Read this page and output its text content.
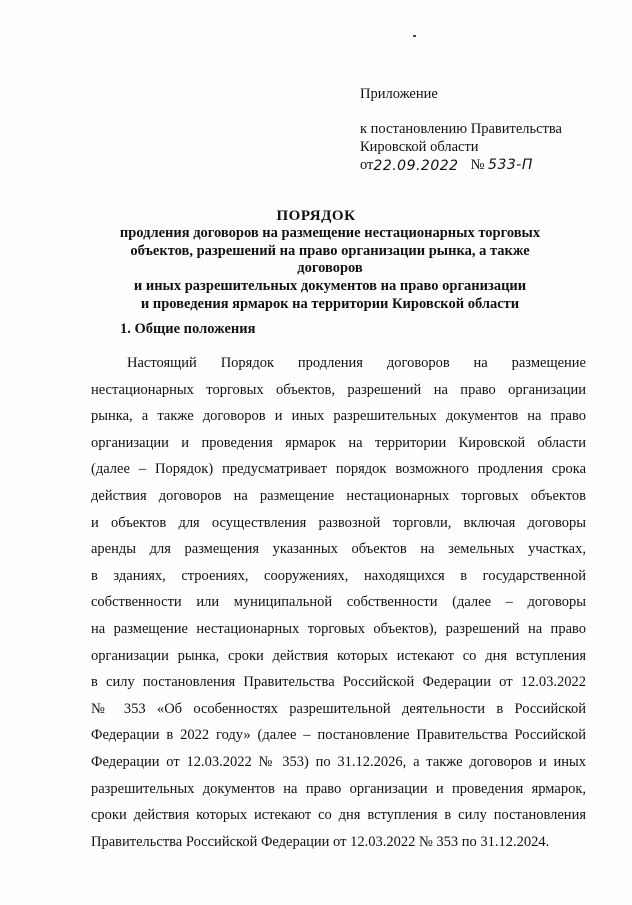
Приложение
к постановлению Правительства
Кировской области
от22.09.2022 № 533-П
ПОРЯДОК
продления договоров на размещение нестационарных торговых
объектов, разрешений на право организации рынка, а также договоров
и иных разрешительных документов на право организации
и проведения ярмарок на территории Кировской области
1. Общие положения
Настоящий Порядок продления договоров на размещение
нестационарных торговых объектов, разрешений на право организации
рынка, а также договоров и иных разрешительных документов на право
организации и проведения ярмарок на территории Кировской области
(далее – Порядок) предусматривает порядок возможного продления срока
действия договоров на размещение нестационарных торговых объектов
и объектов для осуществления развозной торговли, включая договоры
аренды для размещения указанных объектов на земельных участках,
в зданиях, строениях, сооружениях, находящихся в государственной
собственности или муниципальной собственности (далее – договоры
на размещение нестационарных торговых объектов), разрешений на право
организации рынка, сроки действия которых истекают со дня вступления
в силу постановления Правительства Российской Федерации от 12.03.2022
№ 353 «Об особенностях разрешительной деятельности в Российской
Федерации в 2022 году» (далее – постановление Правительства Российской
Федерации от 12.03.2022 № 353) по 31.12.2026, а также договоров и иных
разрешительных документов на право организации и проведения ярмарок,
сроки действия которых истекают со дня вступления в силу постановления
Правительства Российской Федерации от 12.03.2022 № 353 по 31.12.2024.
